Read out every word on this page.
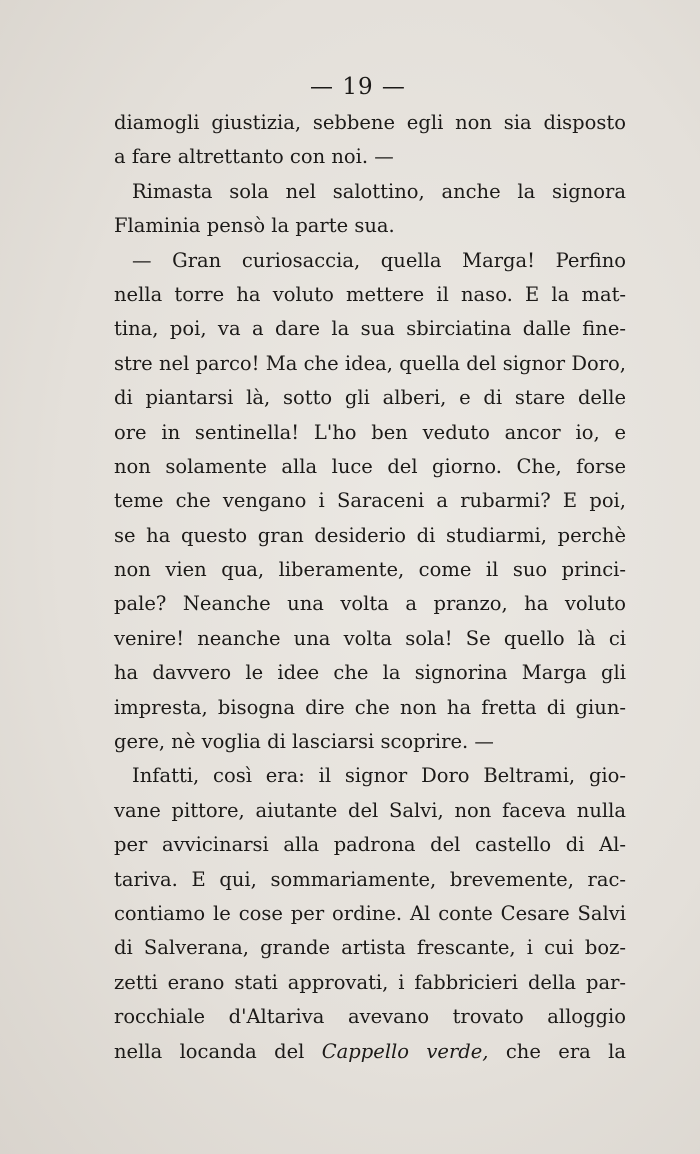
— 19 —
diamogli giustizia, sebbene egli non sia disposto
a fare altrettanto con noi. —
Rimasta sola nel salottino, anche la signora
Flaminia pensò la parte sua.
— Gran curiosaccia, quella Marga! Perfino
nella torre ha voluto mettere il naso. E la mat-
tina, poi, va a dare la sua sbirciatina dalle fine-
stre nel parco! Ma che idea, quella del signor Doro,
di piantarsi là, sotto gli alberi, e di stare delle
ore in sentinella! L'ho ben veduto ancor io, e
non solamente alla luce del giorno. Che, forse
teme che vengano i Saraceni a rubarmi? E poi,
se ha questo gran desiderio di studiarmi, perchè
non vien qua, liberamente, come il suo princi-
pale? Neanche una volta a pranzo, ha voluto
venire! neanche una volta sola! Se quello là ci
ha davvero le idee che la signorina Marga gli
impresta, bisogna dire che non ha fretta di giun-
gere, nè voglia di lasciarsi scoprire. —
Infatti, così era: il signor Doro Beltrami, gio-
vane pittore, aiutante del Salvi, non faceva nulla
per avvicinarsi alla padrona del castello di Al-
tariva. E qui, sommariamente, brevemente, rac-
contiamo le cose per ordine. Al conte Cesare Salvi
di Salverana, grande artista frescante, i cui boz-
zetti erano stati approvati, i fabbricieri della par-
rocchiale d'Altariva avevano trovato alloggio
nella locanda del Cappello verde, che era la
